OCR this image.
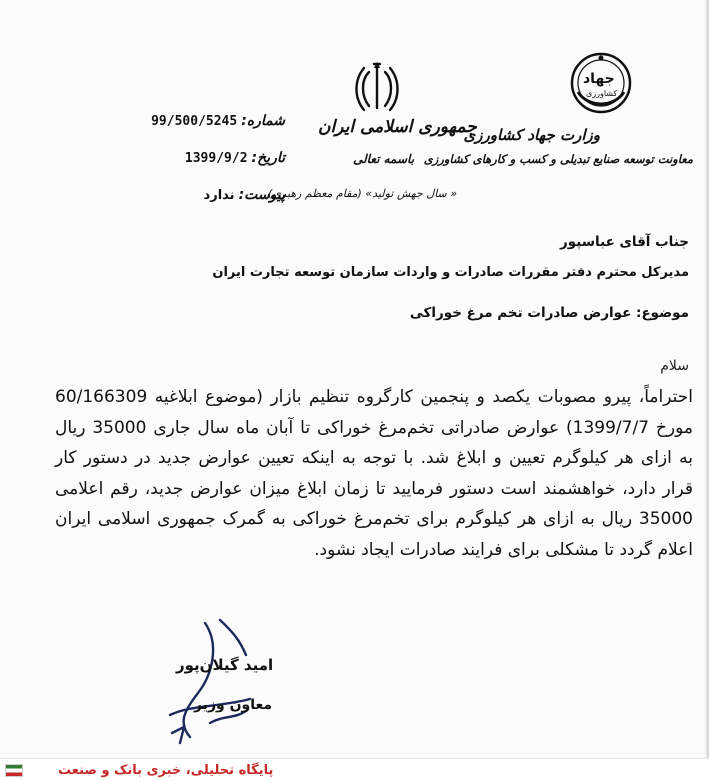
جهاد
کشاورزی
جمهوری اسلامی ایران
باسمه تعالی
« سال جهش تولید» (مقام معظم رهبری)
وزارت جهاد کشاورزی
معاونت توسعه صنایع تبدیلی و کسب و کارهای کشاورزی
شماره:
99/500/5245
تاریخ:
1399/9/2
پیوست:
ندارد
جناب آقای عباسپور
مدیرکل محترم دفتر مقررات صادرات و واردات سازمان توسعه تجارت ایران
موضوع: عوارض صادرات تخم مرغ خوراکی
سلام
احتراماً، پیرو مصوبات یکصد و پنجمین کارگروه تنظیم بازار (موضوع ابلاغیه 60/166309 مورخ 1399/7/7) عوارض صادراتی تخم‌مرغ خوراکی تا آبان ماه سال جاری 35000 ریال به ازای هر کیلوگرم تعیین و ابلاغ شد. با توجه به اینکه تعیین عوارض جدید در دستور کار قرار دارد، خواهشمند است دستور فرمایید تا زمان ابلاغ میزان عوارض جدید، رقم اعلامی 35000 ریال به ازای هر کیلوگرم برای تخم‌مرغ خوراکی به گمرک جمهوری اسلامی ایران اعلام گردد تا مشکلی برای فرایند صادرات ایجاد نشود.
امید گیلان‌پور
معاون وزیر
پایگاه تحلیلی، خبری بانک و صنعت
